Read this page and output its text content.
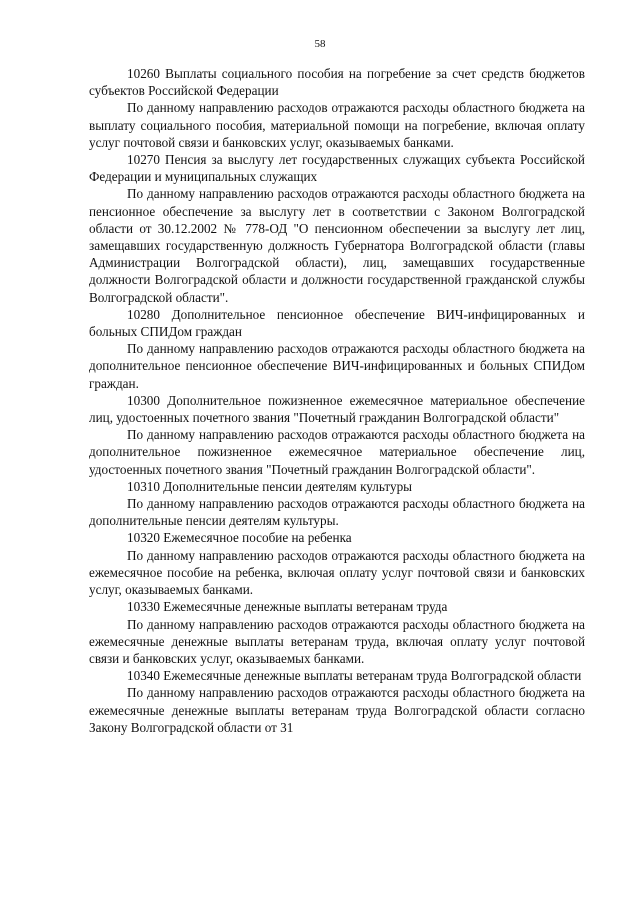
58

10260 Выплаты социального пособия на погребение за счет средств бюджетов субъектов Российской Федерации

По данному направлению расходов отражаются расходы областного бюджета на выплату социального пособия, материальной помощи на погребение, включая оплату услуг почтовой связи и банковских услуг, оказываемых банками.

10270 Пенсия за выслугу лет государственных служащих субъекта Российской Федерации и муниципальных служащих

По данному направлению расходов отражаются расходы областного бюджета на пенсионное обеспечение за выслугу лет в соответствии с Законом Волгоградской области от 30.12.2002 № 778-ОД "О пенсионном обеспечении за выслугу лет лиц, замещавших государственную должность Губернатора Волгоградской области (главы Администрации Волгоградской области), лиц, замещавших государственные должности Волгоградской области и должности государственной гражданской службы Волгоградской области".

10280 Дополнительное пенсионное обеспечение ВИЧ-инфицированных и больных СПИДом граждан

По данному направлению расходов отражаются расходы областного бюджета на дополнительное пенсионное обеспечение ВИЧ-инфицированных и больных СПИДом граждан.

10300 Дополнительное пожизненное ежемесячное материальное обеспечение лиц, удостоенных почетного звания "Почетный гражданин Волгоградской области"

По данному направлению расходов отражаются расходы областного бюджета на дополнительное пожизненное ежемесячное материальное обеспечение лиц, удостоенных почетного звания "Почетный гражданин Волгоградской области".

10310 Дополнительные пенсии деятелям культуры

По данному направлению расходов отражаются расходы областного бюджета на дополнительные пенсии деятелям культуры.

10320 Ежемесячное пособие на ребенка

По данному направлению расходов отражаются расходы областного бюджета на ежемесячное пособие на ребенка, включая оплату услуг почтовой связи и банковских услуг, оказываемых банками.

10330 Ежемесячные денежные выплаты ветеранам труда

По данному направлению расходов отражаются расходы областного бюджета на ежемесячные денежные выплаты ветеранам труда, включая оплату услуг почтовой связи и банковских услуг, оказываемых банками.

10340 Ежемесячные денежные выплаты ветеранам труда Волгоградской области

По данному направлению расходов отражаются расходы областного бюджета на ежемесячные денежные выплаты ветеранам труда Волгоградской области согласно Закону Волгоградской области от 31
